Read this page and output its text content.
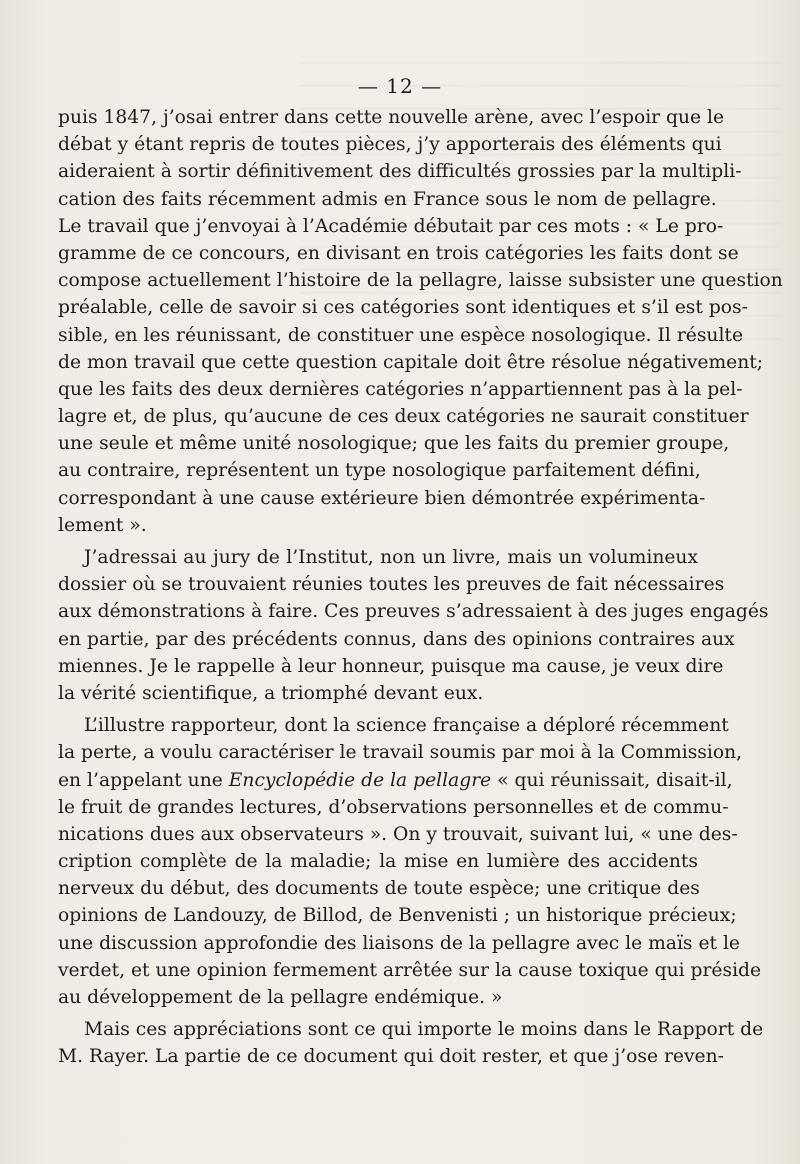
— 12 —
puis 1847, j’osai entrer dans cette nouvelle arène, avec l’espoir que le
débat y étant repris de toutes pièces, j’y apporterais des éléments qui
aideraient à sortir définitivement des difficultés grossies par la multipli-
cation des faits récemment admis en France sous le nom de pellagre.
Le travail que j’envoyai à l’Académie débutait par ces mots : « Le pro-
gramme de ce concours, en divisant en trois catégories les faits dont se
compose actuellement l’histoire de la pellagre, laisse subsister une question
préalable, celle de savoir si ces catégories sont identiques et s’il est pos-
sible, en les réunissant, de constituer une espèce nosologique. Il résulte
de mon travail que cette question capitale doit être résolue négativement;
que les faits des deux dernières catégories n’appartiennent pas à la pel-
lagre et, de plus, qu’aucune de ces deux catégories ne saurait constituer
une seule et même unité nosologique; que les faits du premier groupe,
au contraire, représentent un type nosologique parfaitement défini,
correspondant à une cause extérieure bien démontrée expérimenta-
lement ».
J’adressai au jury de l’Institut, non un livre, mais un volumineux
dossier où se trouvaient réunies toutes les preuves de fait nécessaires
aux démonstrations à faire. Ces preuves s’adressaient à des juges engagés
en partie, par des précédents connus, dans des opinions contraires aux
miennes. Je le rappelle à leur honneur, puisque ma cause, je veux dire
la vérité scientifique, a triomphé devant eux.
L’illustre rapporteur, dont la science française a déploré récemment
la perte, a voulu caractériser le travail soumis par moi à la Commission,
en l’appelant une Encyclopédie de la pellagre « qui réunissait, disait-il,
le fruit de grandes lectures, d’observations personnelles et de commu-
nications dues aux observateurs ». On y trouvait, suivant lui, « une des-
cription complète de la maladie; la mise en lumière des accidents
nerveux du début, des documents de toute espèce; une critique des
opinions de Landouzy, de Billod, de Benvenisti ; un historique précieux;
une discussion approfondie des liaisons de la pellagre avec le maïs et le
verdet, et une opinion fermement arrêtée sur la cause toxique qui préside
au développement de la pellagre endémique. »
Mais ces appréciations sont ce qui importe le moins dans le Rapport de
M. Rayer. La partie de ce document qui doit rester, et que j’ose reven-
